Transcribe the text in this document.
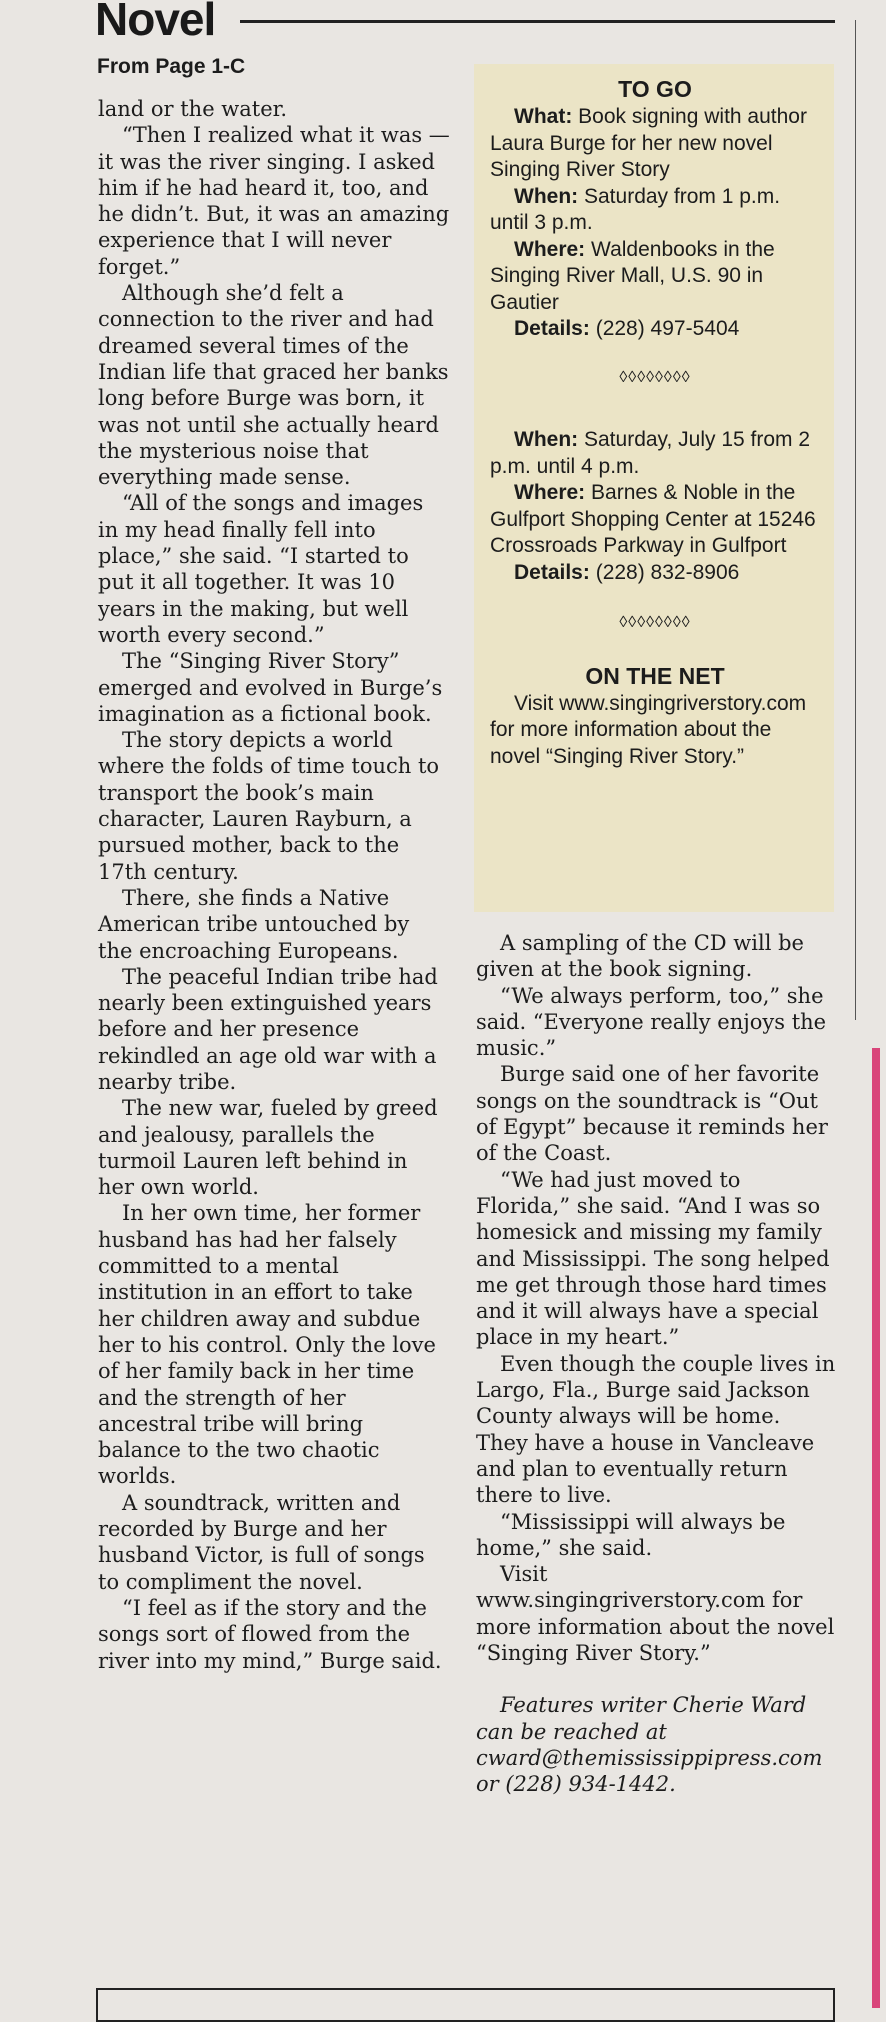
Novel
From Page 1-C

land or the water.

“Then I realized what it was — it was the river singing. I asked him if he had heard it, too, and he didn’t. But, it was an amazing experience that I will never forget.”

Although she’d felt a connection to the river and had dreamed several times of the Indian life that graced her banks long before Burge was born, it was not until she actually heard the mysterious noise that everything made sense.

“All of the songs and images in my head finally fell into place,” she said. “I started to put it all together. It was 10 years in the making, but well worth every second.”

The “Singing River Story” emerged and evolved in Burge’s imagination as a fictional book.

The story depicts a world where the folds of time touch to transport the book’s main character, Lauren Rayburn, a pursued mother, back to the 17th century.

There, she finds a Native American tribe untouched by the encroaching Europeans.

The peaceful Indian tribe had nearly been extinguished years before and her presence rekindled an age old war with a nearby tribe.

The new war, fueled by greed and jealousy, parallels the turmoil Lauren left behind in her own world.

In her own time, her former husband has had her falsely committed to a mental institution in an effort to take her children away and subdue her to his control. Only the love of her family back in her time and the strength of her ancestral tribe will bring balance to the two chaotic worlds.

A soundtrack, written and recorded by Burge and her husband Victor, is full of songs to compliment the novel.

“I feel as if the story and the songs sort of flowed from the river into my mind,” Burge said.

TO GO

What: Book signing with author Laura Burge for her new novel Singing River Story

When: Saturday from 1 p.m. until 3 p.m.

Where: Waldenbooks in the Singing River Mall, U.S. 90 in Gautier

Details: (228) 497-5404

◊◊◊◊◊◊◊◊

When: Saturday, July 15 from 2 p.m. until 4 p.m.

Where: Barnes & Noble in the Gulfport Shopping Center at 15246 Crossroads Parkway in Gulfport

Details: (228) 832-8906

◊◊◊◊◊◊◊◊
ON THE NET

Visit www.singingriverstory.com for more information about the novel “Singing River Story.”

A sampling of the CD will be given at the book signing.

“We always perform, too,” she said. “Everyone really enjoys the music.”

Burge said one of her favorite songs on the soundtrack is “Out of Egypt” because it reminds her of the Coast.

“We had just moved to Florida,” she said. “And I was so homesick and missing my family and Mississippi. The song helped me get through those hard times and it will always have a special place in my heart.”

Even though the couple lives in Largo, Fla., Burge said Jackson County always will be home. They have a house in Vancleave and plan to eventually return there to live.

“Mississippi will always be home,” she said.

Visit www.singingriverstory.com for more information about the novel “Singing River Story.”

Features writer Cherie Ward can be reached at cward@themississippipress.com or (228) 934-1442.
